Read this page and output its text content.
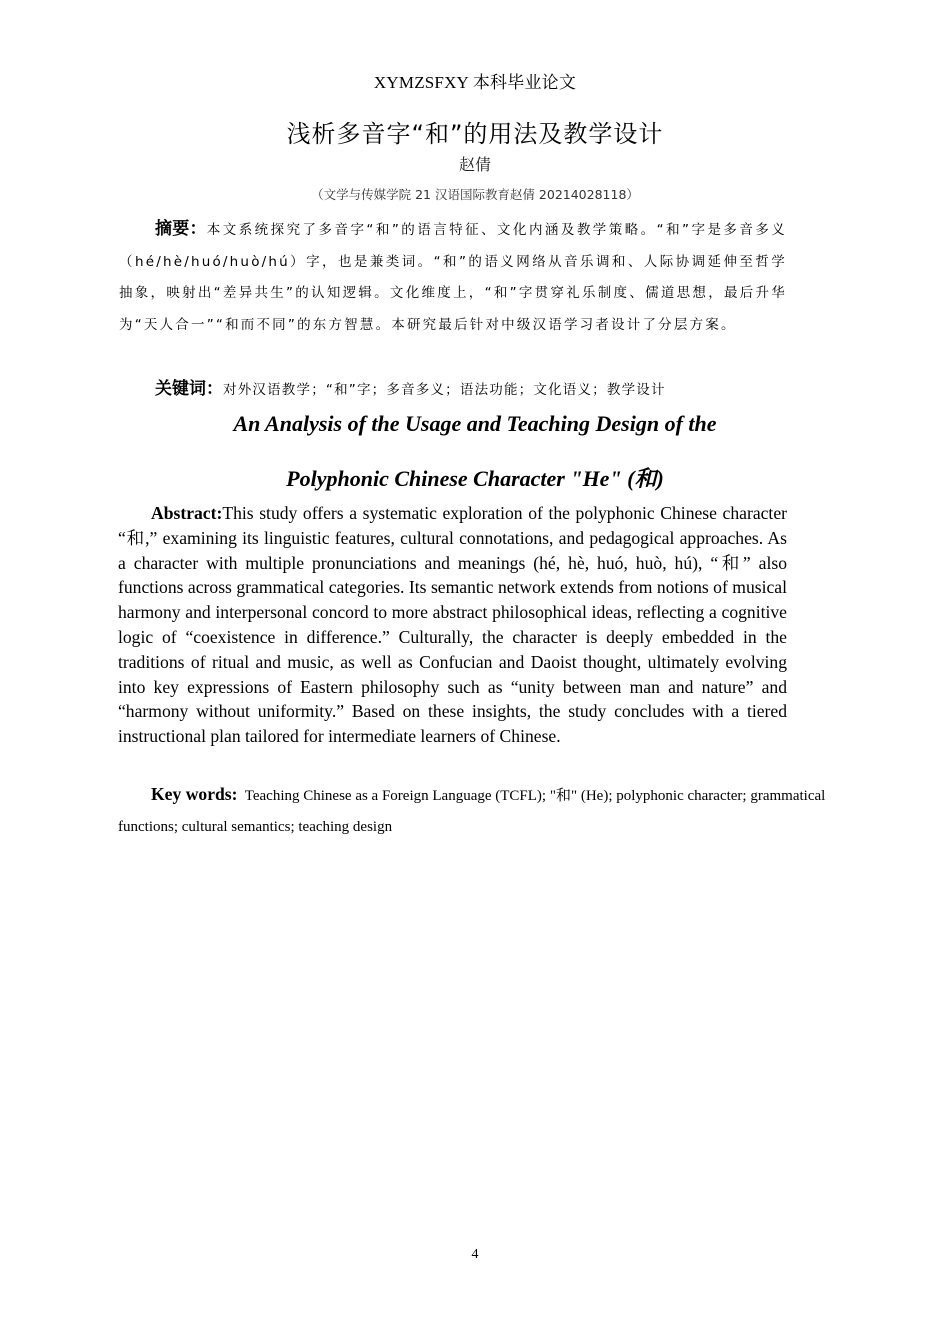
XYMZSFXY 本科毕业论文
浅析多音字“和”的用法及教学设计
赵倩
（文学与传媒学院 21 汉语国际教育赵倩 20214028118）
摘要：本文系统探究了多音字“和”的语言特征、文化内涵及教学策略。“和”字是多音多义（hé/hè/huó/huò/hú）字，也是兼类词。“和”的语义网络从音乐调和、人际协调延伸至哲学抽象，映射出“差异共生”的认知逻辑。文化维度上，“和”字贯穿礼乐制度、儒道思想，最后升华为“天人合一”“和而不同”的东方智慧。本研究最后针对中级汉语学习者设计了分层方案。
关键词：对外汉语教学；“和”字；多音多义；语法功能；文化语义；教学设计
An Analysis of the Usage and Teaching Design of the
Polyphonic Chinese Character "He" (和)
Abstract:This study offers a systematic exploration of the polyphonic Chinese character “和,” examining its linguistic features, cultural connotations, and pedagogical approaches. As a character with multiple pronunciations and meanings (hé, hè, huó, huò, hú), “和” also functions across grammatical categories. Its semantic network extends from notions of musical harmony and interpersonal concord to more abstract philosophical ideas, reflecting a cognitive logic of “coexistence in difference.” Culturally, the character is deeply embedded in the traditions of ritual and music, as well as Confucian and Daoist thought, ultimately evolving into key expressions of Eastern philosophy such as “unity between man and nature” and “harmony without uniformity.” Based on these insights, the study concludes with a tiered instructional plan tailored for intermediate learners of Chinese.
Key words: Teaching Chinese as a Foreign Language (TCFL); "和" (He); polyphonic character; grammatical functions; cultural semantics; teaching design
4
